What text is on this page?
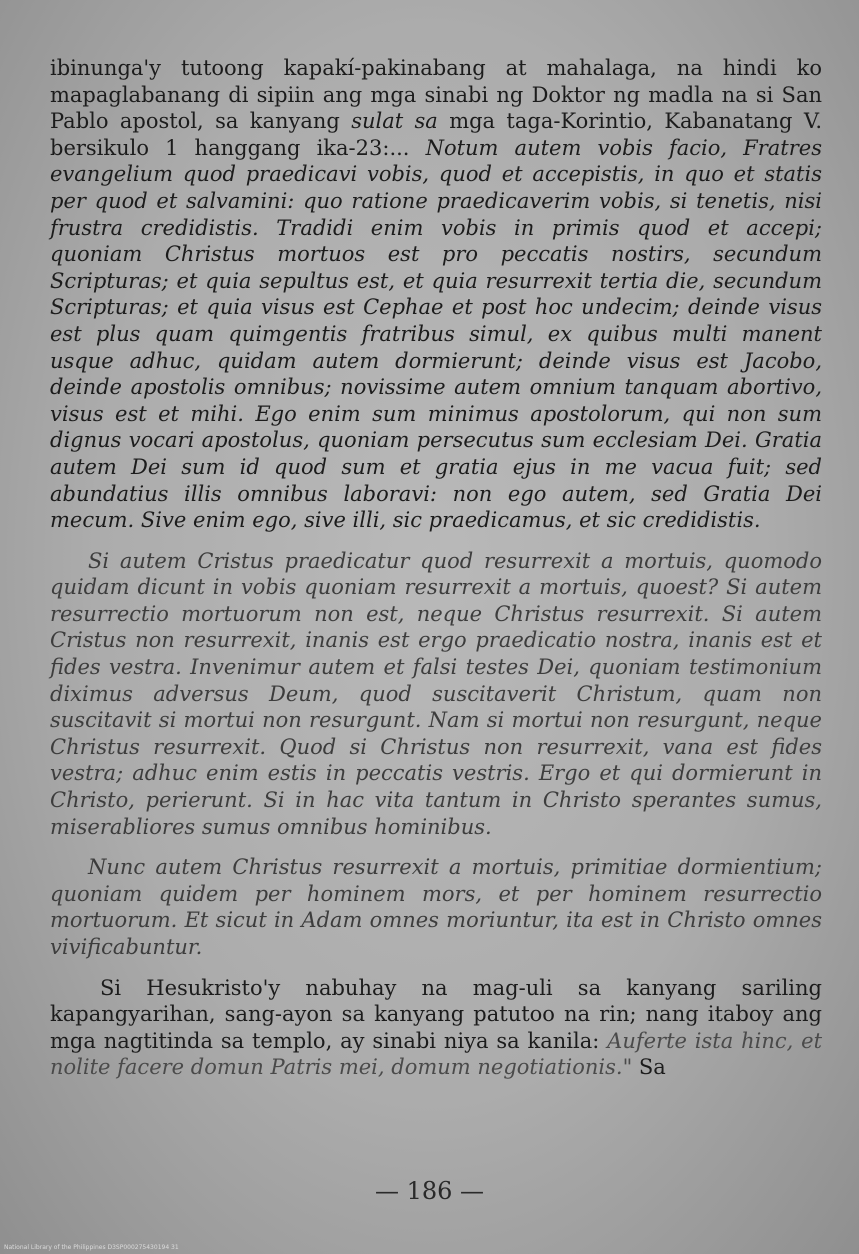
ibinunga'y tutoong kapakí-pakinabang at mahalaga, na hindi ko mapaglabanang di sipiin ang mga sinabi ng Doktor ng madla na si San Pablo apostol, sa kanyang sulat sa mga taga-Korintio, Kabanatang V. bersikulo 1 hanggang ika-23:... Notum autem vobis facio, Fratres evangelium quod praedicavi vobis, quod et accepistis, in quo et statis per quod et salvamini: quo ratione praedicaverim vobis, si tenetis, nisi frustra credidistis. Tradidi enim vobis in primis quod et accepi; quoniam Christus mortuos est pro peccatis nostirs, secundum Scripturas; et quia sepultus est, et quia resurrexit tertia die, secundum Scripturas; et quia visus est Cephae et post hoc undecim; deinde visus est plus quam quimgentis fratribus simul, ex quibus multi manent usque adhuc, quidam autem dormierunt; deinde visus est Jacobo, deinde apostolis omnibus; novissime autem omnium tanquam abortivo, visus est et mihi. Ego enim sum minimus apostolorum, qui non sum dignus vocari apostolus, quoniam persecutus sum ecclesiam Dei. Gratia autem Dei sum id quod sum et gratia ejus in me vacua fuit; sed abundatius illis omnibus laboravi: non ego autem, sed Gratia Dei mecum. Sive enim ego, sive illi, sic praedicamus, et sic credidistis.

Si autem Cristus praedicatur quod resurrexit a mortuis, quomodo quidam dicunt in vobis quoniam resurrexit a mortuis, quoest? Si autem resurrectio mortuorum non est, neque Christus resurrexit. Si autem Cristus non resurrexit, inanis est ergo praedicatio nostra, inanis est et fides vestra. Invenimur autem et falsi testes Dei, quoniam testimonium diximus adversus Deum, quod suscitaverit Christum, quam non suscitavit si mortui non resurgunt. Nam si mortui non resurgunt, neque Christus resurrexit. Quod si Christus non resurrexit, vana est fides vestra; adhuc enim estis in peccatis vestris. Ergo et qui dormierunt in Christo, perierunt. Si in hac vita tantum in Christo sperantes sumus, miserabliores sumus omnibus hominibus.

Nunc autem Christus resurrexit a mortuis, primitiae dormientium; quoniam quidem per hominem mors, et per hominem resurrectio mortuorum. Et sicut in Adam omnes moriuntur, ita est in Christo omnes vivificabuntur.

Si Hesukristo'y nabuhay na mag-uli sa kanyang sariling kapangyarihan, sang-ayon sa kanyang patutoo na rin; nang itaboy ang mga nagtitinda sa templo, ay sinabi niya sa kanila: Auferte ista hinc, et nolite facere domun Patris mei, domum negotiationis." Sa

— 186 —
National Library of the Philippines D3SP000275430194 31
